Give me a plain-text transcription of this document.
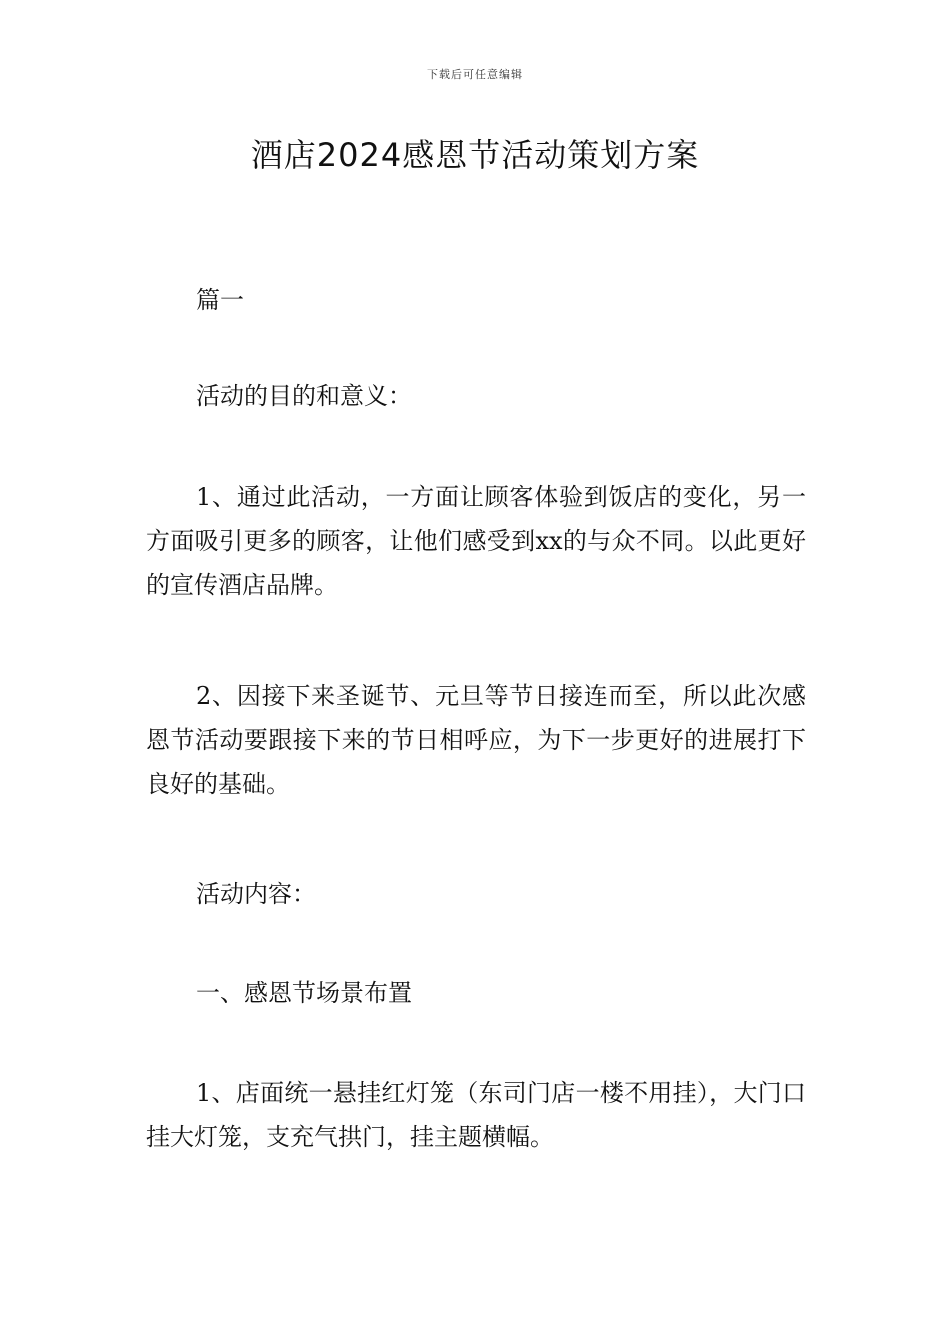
下载后可任意编辑
酒店2024感恩节活动策划方案

篇一

活动的目的和意义：

1、通过此活动，一方面让顾客体验到饭店的变化，另一方面吸引更多的顾客，让他们感受到xx的与众不同。以此更好的宣传酒店品牌。

2、因接下来圣诞节、元旦等节日接连而至，所以此次感恩节活动要跟接下来的节日相呼应，为下一步更好的进展打下良好的基础。

活动内容：

一、感恩节场景布置

1、店面统一悬挂红灯笼（东司门店一楼不用挂），大门口挂大灯笼，支充气拱门，挂主题横幅。
